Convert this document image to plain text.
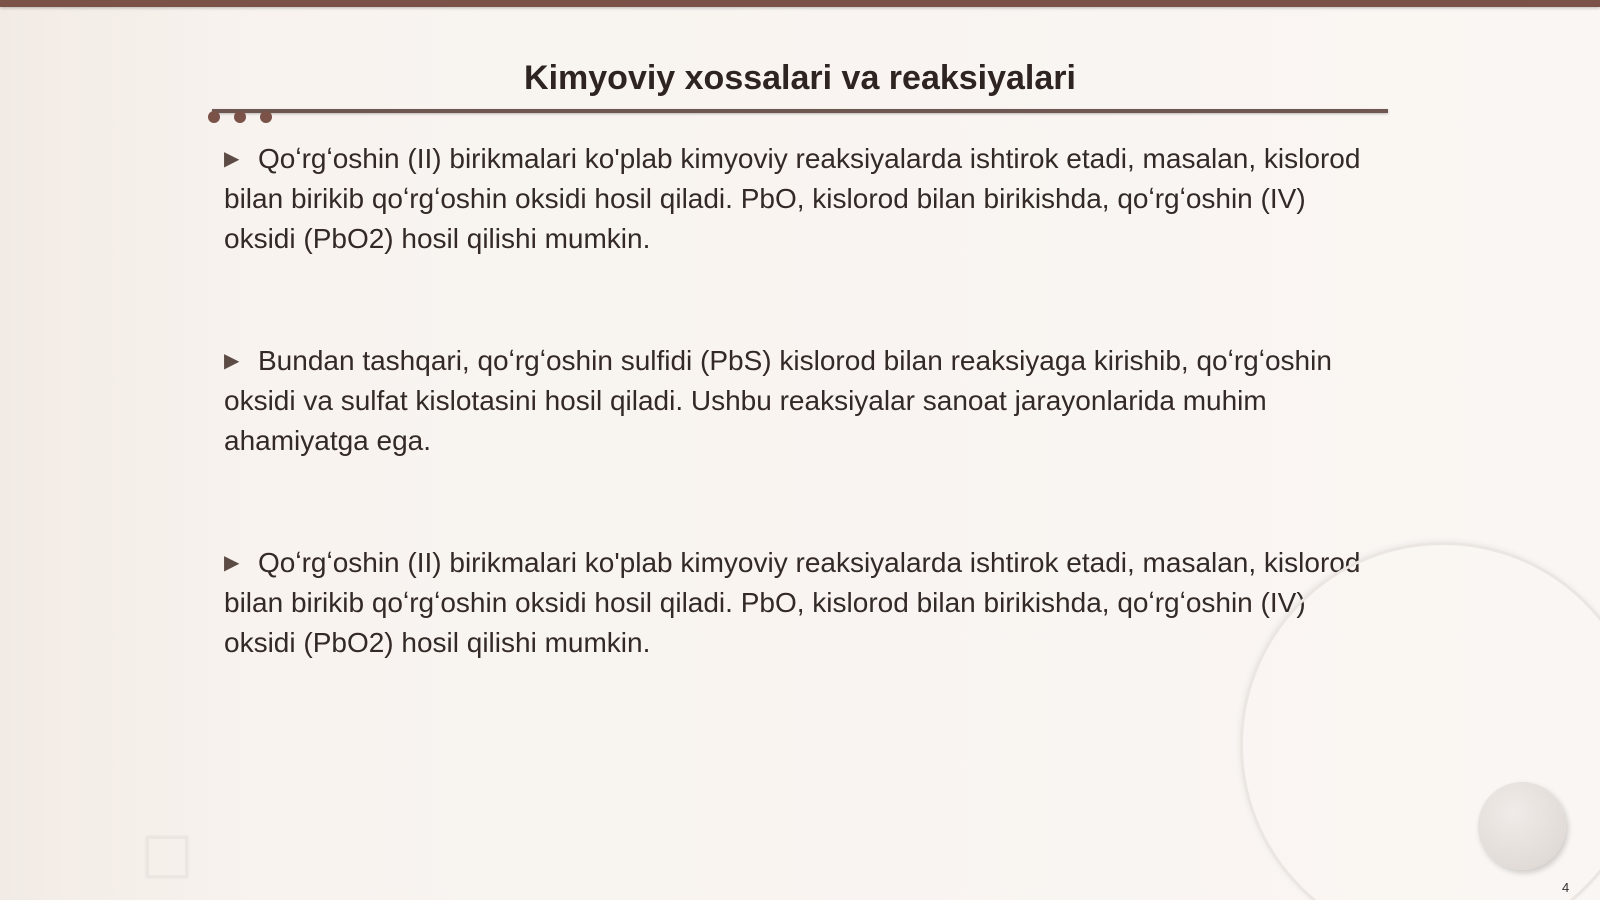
Kimyoviy xossalari va reaksiyalari

▶ Qoʻrgʻoshin (II) birikmalari ko'plab kimyoviy reaksiyalarda ishtirok etadi, masalan, kislorod bilan birikib qoʻrgʻoshin oksidi hosil qiladi. PbO, kislorod bilan birikishda, qoʻrgʻoshin (IV) oksidi (PbO2) hosil qilishi mumkin.

▶ Bundan tashqari, qoʻrgʻoshin sulfidi (PbS) kislorod bilan reaksiyaga kirishib, qoʻrgʻoshin oksidi va sulfat kislotasini hosil qiladi. Ushbu reaksiyalar sanoat jarayonlarida muhim ahamiyatga ega.

▶ Qoʻrgʻoshin (II) birikmalari ko'plab kimyoviy reaksiyalarda ishtirok etadi, masalan, kislorod bilan birikib qoʻrgʻoshin oksidi hosil qiladi. PbO, kislorod bilan birikishda, qoʻrgʻoshin (IV) oksidi (PbO2) hosil qilishi mumkin.

4
